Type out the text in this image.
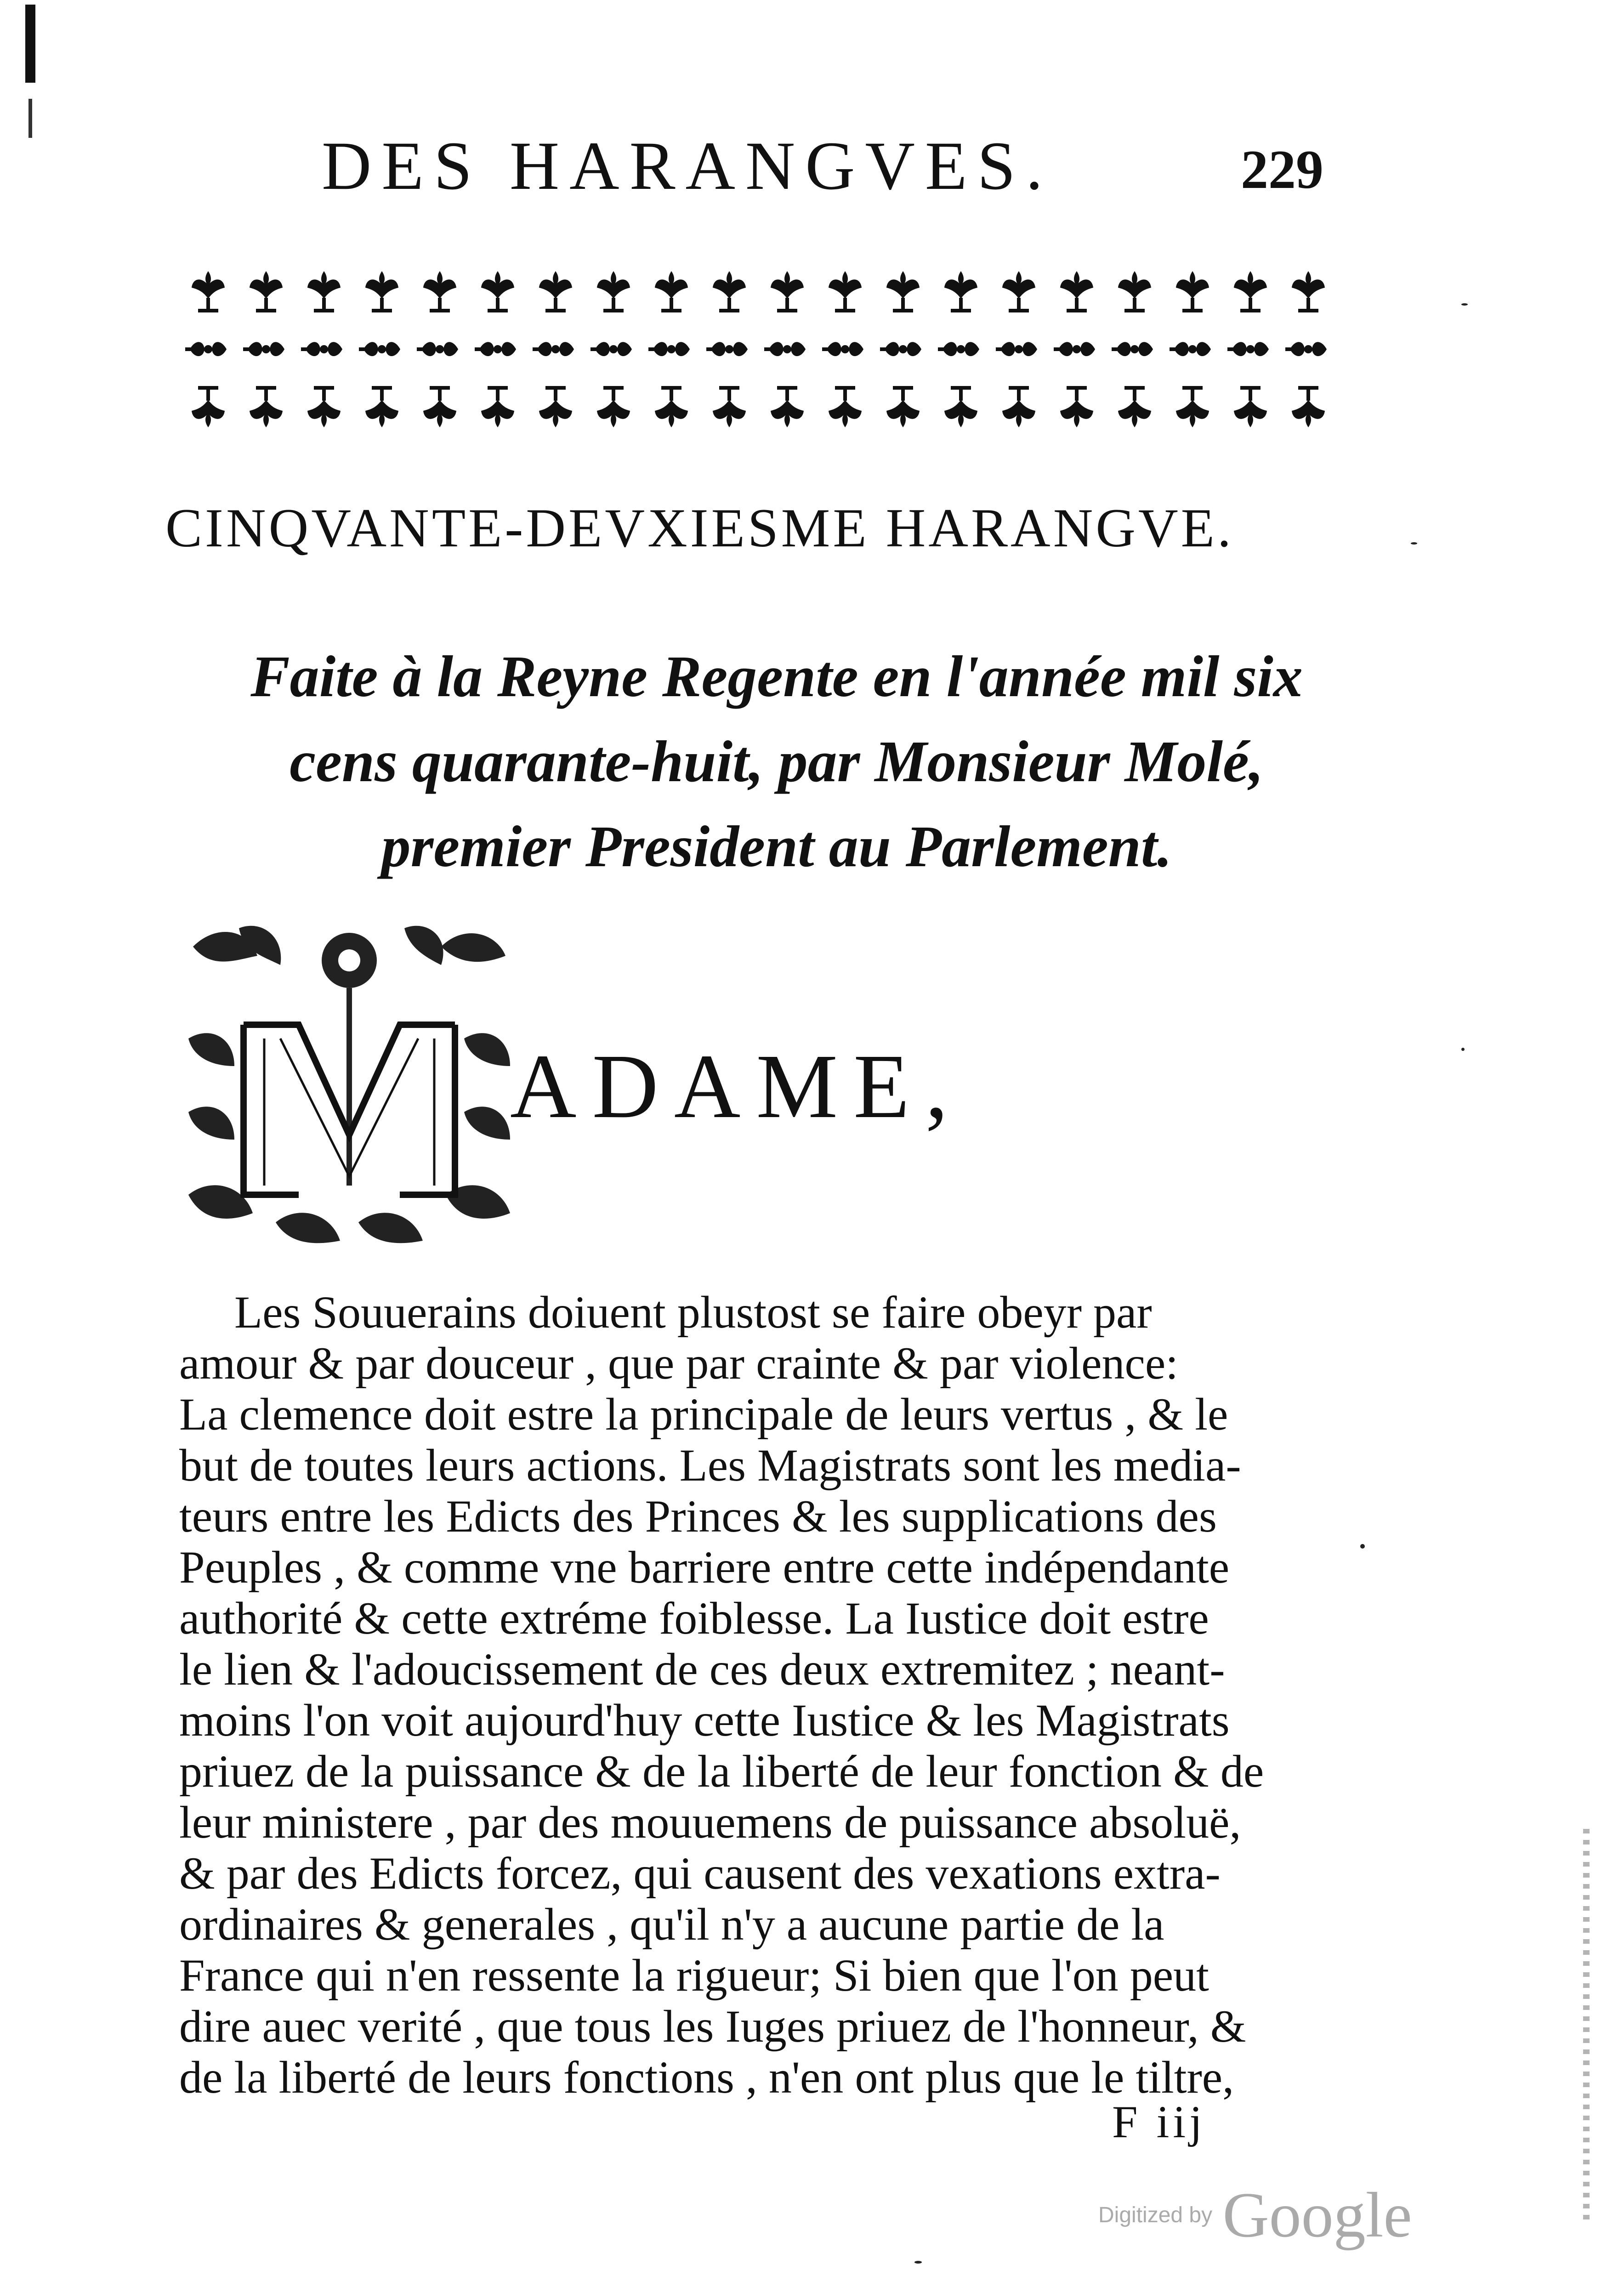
DES HARANGVES.	229
CINQVANTE-DEVXIESME HARANGVE.
Faite à la Reyne Regente en l'année mil six
cens quarante-huit, par Monsieur Molé,
premier President au Parlement.
ADAME,
Les Souuerains doiuent plustost se faire obeyr par
amour & par douceur , que par crainte & par violence:
La clemence doit estre la principale de leurs vertus , & le
but de toutes leurs actions. Les Magistrats sont les media-
teurs entre les Edicts des Princes & les supplications des
Peuples , & comme vne barriere entre cette indépendante
authorité & cette extréme foiblesse. La Iustice doit estre
le lien & l'adoucissement de ces deux extremitez ; neant-
moins l'on voit aujourd'huy cette Iustice & les Magistrats
priuez de la puissance & de la liberté de leur fonction & de
leur ministere , par des mouuemens de puissance absoluë,
& par des Edicts forcez, qui causent des vexations extra-
ordinaires & generales , qu'il n'y a aucune partie de la
France qui n'en ressente la rigueur; Si bien que l'on peut
dire auec verité , que tous les Iuges priuez de l'honneur, &
de la liberté de leurs fonctions , n'en ont plus que le tiltre,
F iij
Digitized by Google
